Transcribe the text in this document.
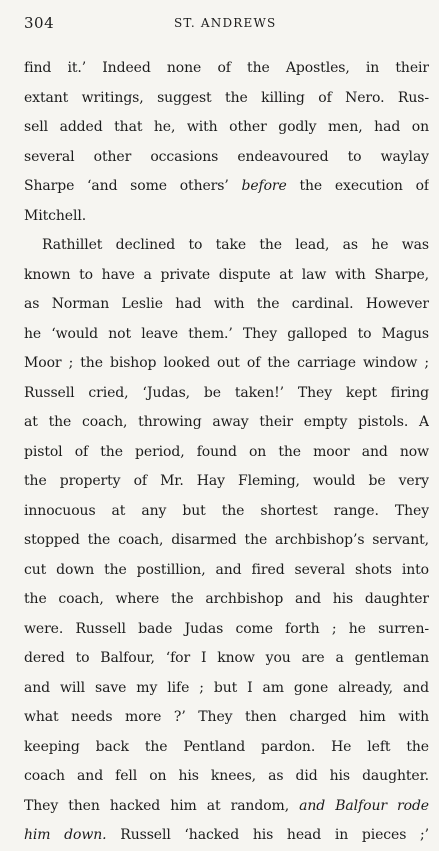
304	ST. ANDREWS
find it.’ Indeed none of the Apostles, in their
extant writings, suggest the killing of Nero. Rus-
sell added that he, with other godly men, had on
several other occasions endeavoured to waylay
Sharpe ‘and some others’ before the execution of
Mitchell.
Rathillet declined to take the lead, as he was
known to have a private dispute at law with Sharpe,
as Norman Leslie had with the cardinal. However
he ‘would not leave them.’ They galloped to Magus
Moor ; the bishop looked out of the carriage window ;
Russell cried, ‘Judas, be taken!’ They kept firing
at the coach, throwing away their empty pistols. A
pistol of the period, found on the moor and now
the property of Mr. Hay Fleming, would be very
innocuous at any but the shortest range. They
stopped the coach, disarmed the archbishop’s servant,
cut down the postillion, and fired several shots into
the coach, where the archbishop and his daughter
were. Russell bade Judas come forth ; he surren-
dered to Balfour, ‘for I know you are a gentleman
and will save my life ; but I am gone already, and
what needs more ?’ They then charged him with
keeping back the Pentland pardon. He left the
coach and fell on his knees, as did his daughter.
They then hacked him at random, and Balfour rode
him down. Russell ‘hacked his head in pieces ;’
